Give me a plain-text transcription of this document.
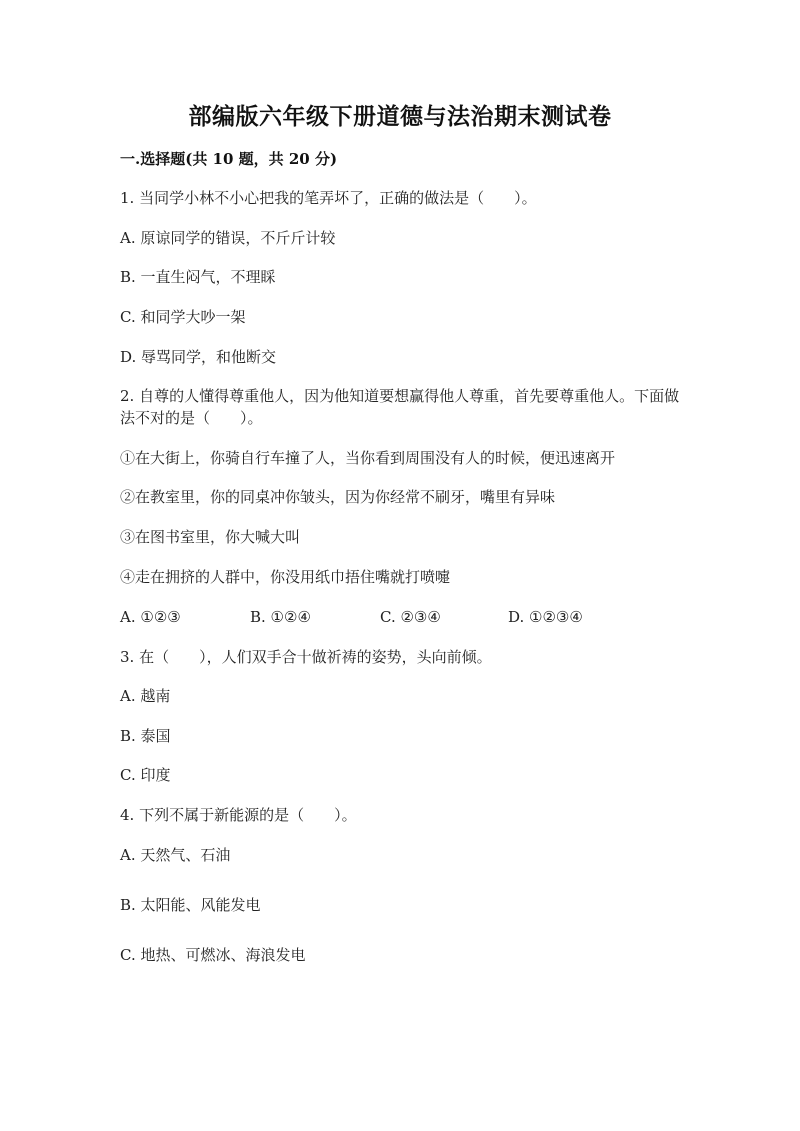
部编版六年级下册道德与法治期末测试卷
一.选择题(共 10 题，共 20 分)
1. 当同学小林不小心把我的笔弄坏了，正确的做法是（　　）。
A. 原谅同学的错误，不斤斤计较
B. 一直生闷气，不理睬
C. 和同学大吵一架
D. 辱骂同学，和他断交
2. 自尊的人懂得尊重他人，因为他知道要想赢得他人尊重，首先要尊重他人。下面做法不对的是（　　）。
①在大街上，你骑自行车撞了人，当你看到周围没有人的时候，便迅速离开
②在教室里，你的同桌冲你皱头，因为你经常不刷牙，嘴里有异味
③在图书室里，你大喊大叫
④走在拥挤的人群中，你没用纸巾捂住嘴就打喷嚏
A. ①②③	B. ①②④	C. ②③④	D. ①②③④
3. 在（　　），人们双手合十做祈祷的姿势，头向前倾。
A. 越南
B. 泰国
C. 印度
4. 下列不属于新能源的是（　　）。
A. 天然气、石油
B. 太阳能、风能发电
C. 地热、可燃冰、海浪发电
